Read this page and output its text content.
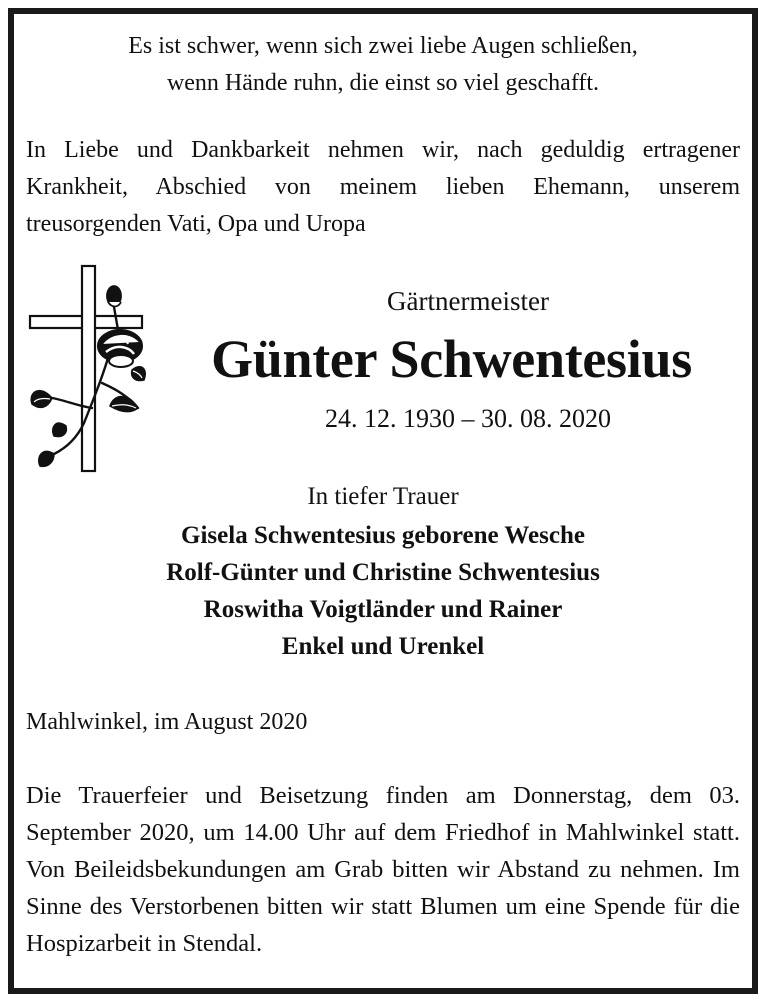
Es ist schwer, wenn sich zwei liebe Augen schließen,
wenn Hände ruhn, die einst so viel geschafft.

In Liebe und Dankbarkeit nehmen wir, nach geduldig ertragener Krankheit, Abschied von meinem lieben Ehemann, unserem treusorgenden Vati, Opa und Uropa

Gärtnermeister
Günter Schwentesius
24. 12. 1930 – 30. 08. 2020
In tiefer Trauer
Gisela Schwentesius geborene Wesche
Rolf-Günter und Christine Schwentesius
Roswitha Voigtländer und Rainer
Enkel und Urenkel
Mahlwinkel, im August 2020

Die Trauerfeier und Beisetzung finden am Donnerstag, dem 03. September 2020, um 14.00 Uhr auf dem Friedhof in Mahlwinkel statt. Von Beileidsbekundungen am Grab bitten wir Abstand zu nehmen. Im Sinne des Verstorbenen bitten wir statt Blumen um eine Spende für die Hospizarbeit in Stendal.
